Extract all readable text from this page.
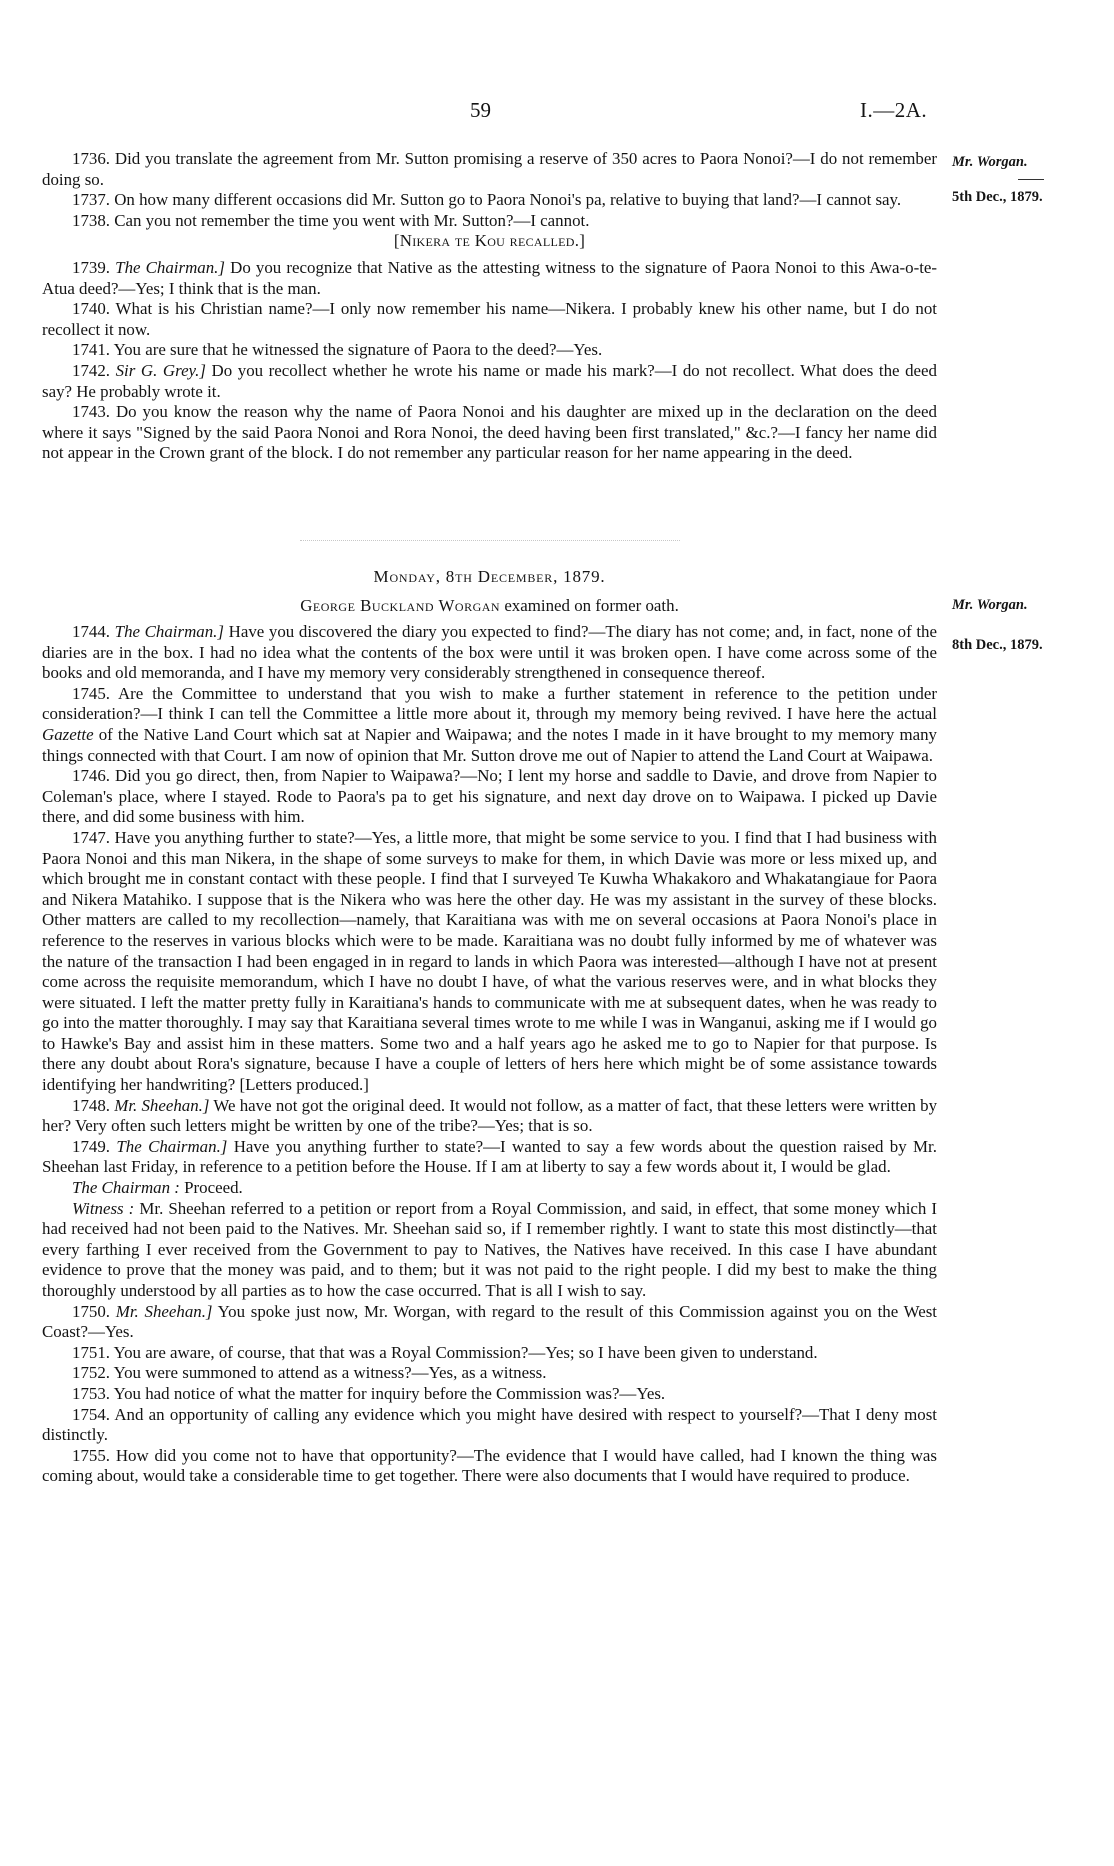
59	I.—2A.
Mr. Worgan.
5th Dec., 1879.

1736. Did you translate the agreement from Mr. Sutton promising a reserve of 350 acres to Paora Nonoi?—I do not remember doing so.

1737. On how many different occasions did Mr. Sutton go to Paora Nonoi's pa, relative to buying that land?—I cannot say.

1738. Can you not remember the time you went with Mr. Sutton?—I cannot.

[Nikera te Kou recalled.]

1739. The Chairman.] Do you recognize that Native as the attesting witness to the signature of Paora Nonoi to this Awa-o-te-Atua deed?—Yes; I think that is the man.

1740. What is his Christian name?—I only now remember his name—Nikera. I probably knew his other name, but I do not recollect it now.

1741. You are sure that he witnessed the signature of Paora to the deed?—Yes.

1742. Sir G. Grey.] Do you recollect whether he wrote his name or made his mark?—I do not recollect. What does the deed say? He probably wrote it.

1743. Do you know the reason why the name of Paora Nonoi and his daughter are mixed up in the declaration on the deed where it says "Signed by the said Paora Nonoi and Rora Nonoi, the deed having been first translated," &c.?—I fancy her name did not appear in the Crown grant of the block. I do not remember any particular reason for her name appearing in the deed.

Monday, 8th December, 1879.
George Buckland Worgan examined on former oath.	Mr. Worgan.
8th Dec., 1879.

1744. The Chairman.] Have you discovered the diary you expected to find?—The diary has not come; and, in fact, none of the diaries are in the box. I had no idea what the contents of the box were until it was broken open. I have come across some of the books and old memoranda, and I have my memory very considerably strengthened in consequence thereof.

1745. Are the Committee to understand that you wish to make a further statement in reference to the petition under consideration?—I think I can tell the Committee a little more about it, through my memory being revived. I have here the actual Gazette of the Native Land Court which sat at Napier and Waipawa; and the notes I made in it have brought to my memory many things connected with that Court. I am now of opinion that Mr. Sutton drove me out of Napier to attend the Land Court at Waipawa.

1746. Did you go direct, then, from Napier to Waipawa?—No; I lent my horse and saddle to Davie, and drove from Napier to Coleman's place, where I stayed. Rode to Paora's pa to get his signature, and next day drove on to Waipawa. I picked up Davie there, and did some business with him.

1747. Have you anything further to state?—Yes, a little more, that might be some service to you. I find that I had business with Paora Nonoi and this man Nikera, in the shape of some surveys to make for them, in which Davie was more or less mixed up, and which brought me in constant contact with these people. I find that I surveyed Te Kuwha Whakakoro and Whakatangiaue for Paora and Nikera Matahiko. I suppose that is the Nikera who was here the other day. He was my assistant in the survey of these blocks. Other matters are called to my recollection—namely, that Karaitiana was with me on several occasions at Paora Nonoi's place in reference to the reserves in various blocks which were to be made. Karaitiana was no doubt fully informed by me of whatever was the nature of the transaction I had been engaged in in regard to lands in which Paora was interested—although I have not at present come across the requisite memorandum, which I have no doubt I have, of what the various reserves were, and in what blocks they were situated. I left the matter pretty fully in Karaitiana's hands to communicate with me at subsequent dates, when he was ready to go into the matter thoroughly. I may say that Karaitiana several times wrote to me while I was in Wanganui, asking me if I would go to Hawke's Bay and assist him in these matters. Some two and a half years ago he asked me to go to Napier for that purpose. Is there any doubt about Rora's signature, because I have a couple of letters of hers here which might be of some assistance towards identifying her handwriting? [Letters produced.]

1748. Mr. Sheehan.] We have not got the original deed. It would not follow, as a matter of fact, that these letters were written by her? Very often such letters might be written by one of the tribe?—Yes; that is so.

1749. The Chairman.] Have you anything further to state?—I wanted to say a few words about the question raised by Mr. Sheehan last Friday, in reference to a petition before the House. If I am at liberty to say a few words about it, I would be glad.

The Chairman : Proceed.

Witness : Mr. Sheehan referred to a petition or report from a Royal Commission, and said, in effect, that some money which I had received had not been paid to the Natives. Mr. Sheehan said so, if I remember rightly. I want to state this most distinctly—that every farthing I ever received from the Government to pay to Natives, the Natives have received. In this case I have abundant evidence to prove that the money was paid, and to them; but it was not paid to the right people. I did my best to make the thing thoroughly understood by all parties as to how the case occurred. That is all I wish to say.

1750. Mr. Sheehan.] You spoke just now, Mr. Worgan, with regard to the result of this Commission against you on the West Coast?—Yes.

1751. You are aware, of course, that that was a Royal Commission?—Yes; so I have been given to understand.

1752. You were summoned to attend as a witness?—Yes, as a witness.

1753. You had notice of what the matter for inquiry before the Commission was?—Yes.

1754. And an opportunity of calling any evidence which you might have desired with respect to yourself?—That I deny most distinctly.

1755. How did you come not to have that opportunity?—The evidence that I would have called, had I known the thing was coming about, would take a considerable time to get together. There were also documents that I would have required to produce.
